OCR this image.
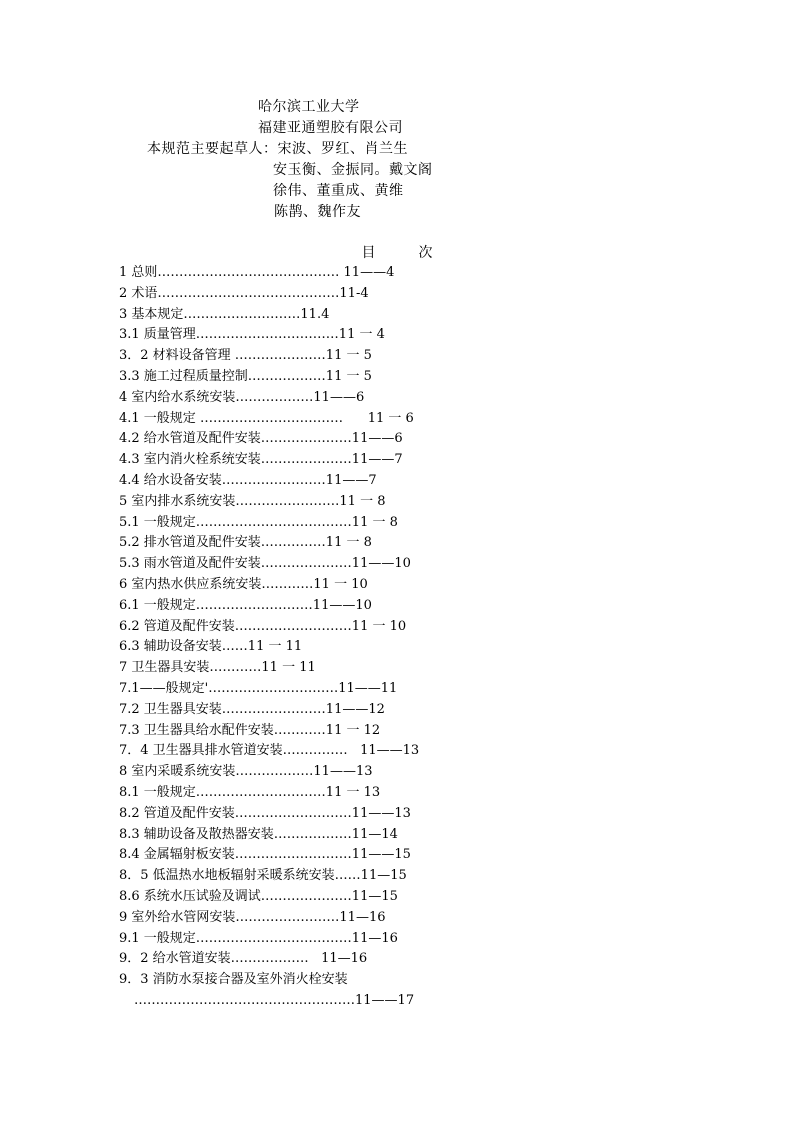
哈尔滨工业大学
福建亚通塑胶有限公司
本规范主要起草人：宋波、罗红、肖兰生
安玉衡、金振同。戴文阁
徐伟、董重成、黄维
陈鹊、魏作友
目	次
1 总则…………………………………… 11——4
2 术语……………………………………11-4
3 基本规定………………………11.4
3.1 质量管理……………………………11 一 4
3．2 材料设备管理 …………………11 一 5
3.3 施工过程质量控制………………11 一 5
4 室内给水系统安装………………11——6
4.1 一般规定 ……………………………      11 一 6
4.2 给水管道及配件安装…………………11——6
4.3 室内消火栓系统安装…………………11——7
4.4 给水设备安装……………………11——7
5 室内排水系统安装……………………11 一 8
5.1 一般规定………………………………11 一 8
5.2 排水管道及配件安装……………11 一 8
5.3 雨水管道及配件安装…………………11——10
6 室内热水供应系统安装…………11 一 10
6.1 一般规定………………………11——10
6.2 管道及配件安装………………………11 一 10
6.3 辅助设备安装……11 一 11
7 卫生器具安装…………11 一 11
7.1——般规定'…………………………11——11
7.2 卫生器具安装……………………11——12
7.3 卫生器具给水配件安装…………11 一 12
7．4 卫生器具排水管道安装……………   11——13
8 室内采暖系统安装………………11——13
8.1 一般规定…………………………11 一 13
8.2 管道及配件安装………………………11——13
8.3 辅助设备及散热器安装………………11—14
8.4 金属辐射板安装………………………11——15
8．5 低温热水地板辐射采暖系统安装……11—15
8.6 系统水压试验及调试…………………11—15
9 室外给水管网安装……………………11—16
9.1 一般规定………………………………11—16
9．2 给水管道安装………………   11—16
9．3 消防水泵接合器及室外消火栓安装
……………………………………………11——17
